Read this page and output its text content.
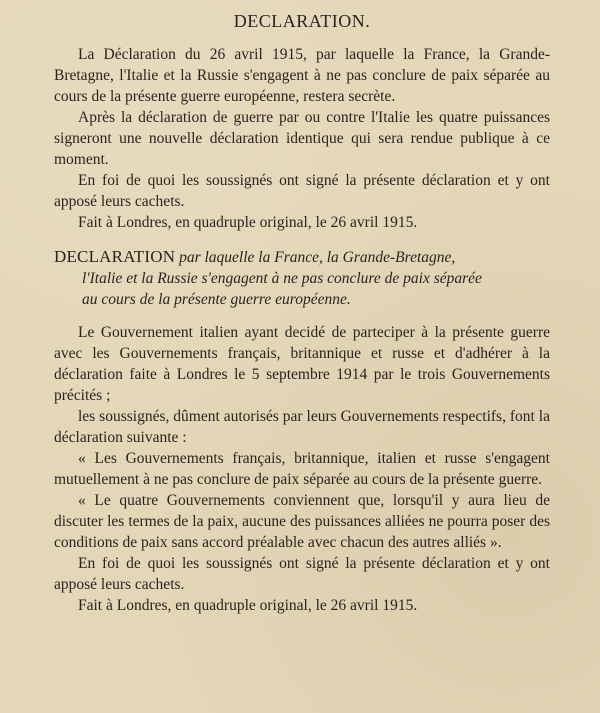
DECLARATION.

La Déclaration du 26 avril 1915, par laquelle la France, la Grande-Bretagne, l'Italie et la Russie s'engagent à ne pas conclure de paix séparée au cours de la présente guerre européenne, restera secrète.

Après la déclaration de guerre par ou contre l'Italie les quatre puissances signeront une nouvelle déclaration identique qui sera rendue publique à ce moment.

En foi de quoi les soussignés ont signé la présente déclaration et y ont apposé leurs cachets.

Fait à Londres, en quadruple original, le 26 avril 1915.
DECLARATION par laquelle la France, la Grande-Bretagne,
l'Italie et la Russie s'engagent à ne pas conclure de paix séparée
au cours de la présente guerre européenne.

Le Gouvernement italien ayant decidé de parteciper à la présente guerre avec les Gouvernements français, britannique et russe et d'adhérer à la déclaration faite à Londres le 5 septembre 1914 par le trois Gouvernements précités ;

les soussignés, dûment autorisés par leurs Gouvernements respectifs, font la déclaration suivante :

« Les Gouvernements français, britannique, italien et russe s'engagent mutuellement à ne pas conclure de paix séparée au cours de la présente guerre.

« Le quatre Gouvernements conviennent que, lorsqu'il y aura lieu de discuter les termes de la paix, aucune des puissances alliées ne pourra poser des conditions de paix sans accord préalable avec chacun des autres alliés ».

En foi de quoi les soussignés ont signé la présente déclaration et y ont apposé leurs cachets.

Fait à Londres, en quadruple original, le 26 avril 1915.
